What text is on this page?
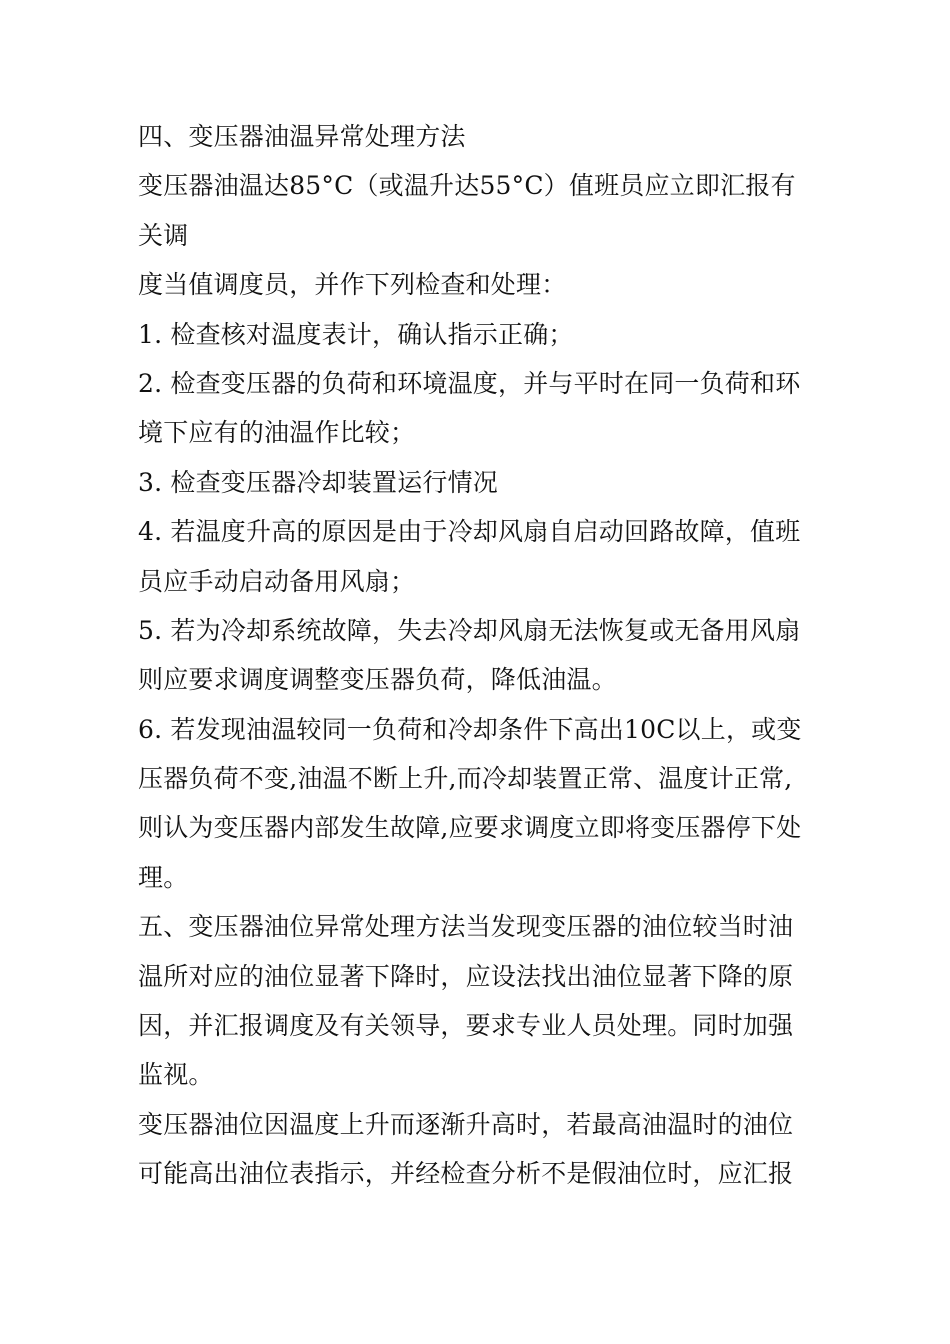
四、变压器油温异常处理方法
变压器油温达85°C（或温升达55°C）值班员应立即汇报有
关调
度当值调度员，并作下列检查和处理：
1. 检查核对温度表计，确认指示正确；
2. 检查变压器的负荷和环境温度，并与平时在同一负荷和环
境下应有的油温作比较；
3. 检查变压器冷却装置运行情况
4. 若温度升高的原因是由于冷却风扇自启动回路故障，值班
员应手动启动备用风扇；
5. 若为冷却系统故障，失去冷却风扇无法恢复或无备用风扇
则应要求调度调整变压器负荷，降低油温。
6. 若发现油温较同一负荷和冷却条件下高出10C以上，或变
压器负荷不变,油温不断上升,而冷却装置正常、温度计正常,
则认为变压器内部发生故障,应要求调度立即将变压器停下处
理。
五、变压器油位异常处理方法当发现变压器的油位较当时油
温所对应的油位显著下降时，应设法找出油位显著下降的原
因，并汇报调度及有关领导，要求专业人员处理。同时加强
监视。
变压器油位因温度上升而逐渐升高时，若最高油温时的油位
可能高出油位表指示，并经检查分析不是假油位时，应汇报
